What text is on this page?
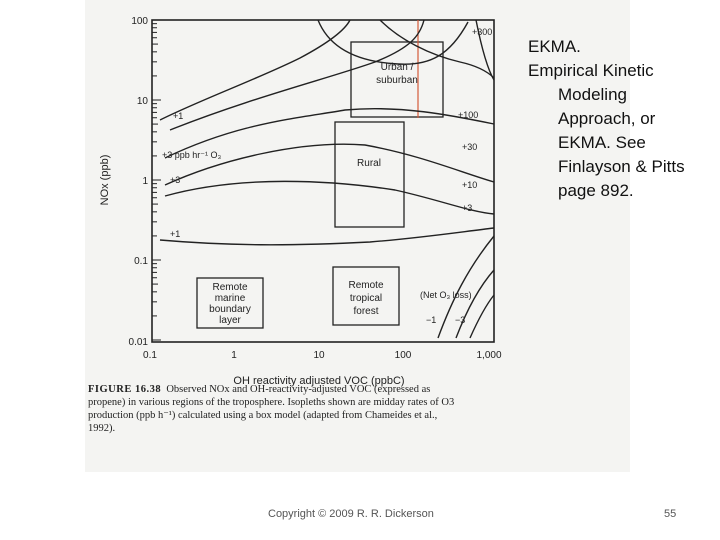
100
10
1
0.1
0.01
0.1	1	10	100	1,000
NOx (ppb)
OH reactivity adjusted VOC (ppbC)
Urban /
suburban
Rural
Remote
marine
boundary
layer
Remote
tropical
forest
+300
+100
+30
+10
+3
+1
+3 ppb hr⁻¹ O₃
+3
+1
(Net O₃ loss)
−1 −3
FIGURE 16.38 Observed NOx and OH-reactivity-adjusted VOC (expressed as
propene) in various regions of the troposphere. Isopleths shown are midday rates of O3
production (ppb h⁻¹) calculated using a box model (adapted from Chameides et al.,
1992).
EKMA.
Empirical Kinetic
Modeling
Approach, or
EKMA. See
Finlayson & Pitts
page 892.
Copyright © 2009 R. R. Dickerson	55
